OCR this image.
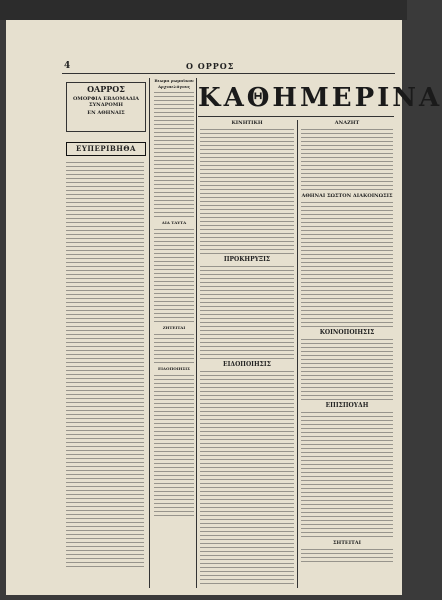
4	Ο ΟΡΡΟΣ
ΟΑΡΡΟΣ
ΟΜΟΡΦΙΑ ΕΒΔΟΜΑΔΙΑ ΣΥΝΔΡΟΜΗ
ΕΝ ΑΘΗΝΑΙΣ
ΕΥΠΕΡΙΒΗΘΑ
Βιωμα ρωμαϊκου Αρχιπελάγους
ΔΙΑ ΤΑΥΤΑ
ΖΗΤΕΙΤΑΙ
ΕΙΔΟΠΟΙΗΣΙΣ
ΚΑΘΗΜΕΡΙΝΑ
ΚΙΝΗΤΙΚΗ
ΠΡΟΚΗΡΥΞΙΣ
ΕΙΔΟΠΟΙΗΣΙΣ
ΑΝΑΖΗΤ
ΑΘΗΝΑΙ ΣΩΣΤΟΝ ΔΙΑΚΟΙΝΩΣΙΣ
ΚΟΙΝΟΠΟΙΗΣΙΣ
ΕΠΙΣΠΟΥΔΗ
ΣΗΤΕΙΤΑΙ
